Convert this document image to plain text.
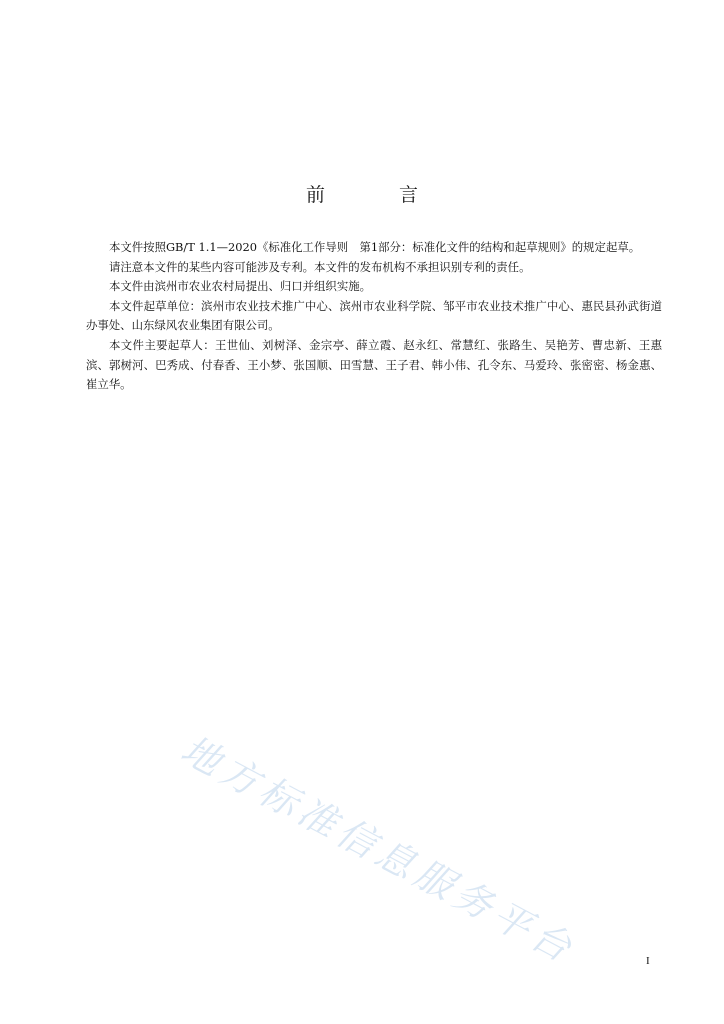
前 言

本文件按照GB/T 1.1—2020《标准化工作导则　第1部分：标准化文件的结构和起草规则》的规定起草。

请注意本文件的某些内容可能涉及专利。本文件的发布机构不承担识别专利的责任。

本文件由滨州市农业农村局提出、归口并组织实施。

本文件起草单位：滨州市农业技术推广中心、滨州市农业科学院、邹平市农业技术推广中心、惠民县孙武街道办事处、山东绿风农业集团有限公司。

本文件主要起草人：王世仙、刘树泽、金宗亭、薛立霞、赵永红、常慧红、张路生、吴艳芳、曹忠新、王惠滨、郭树河、巴秀成、付春香、王小梦、张国顺、田雪慧、王子君、韩小伟、孔令东、马爱玲、张密密、杨金惠、崔立华。

地方标准信息服务平台	I
